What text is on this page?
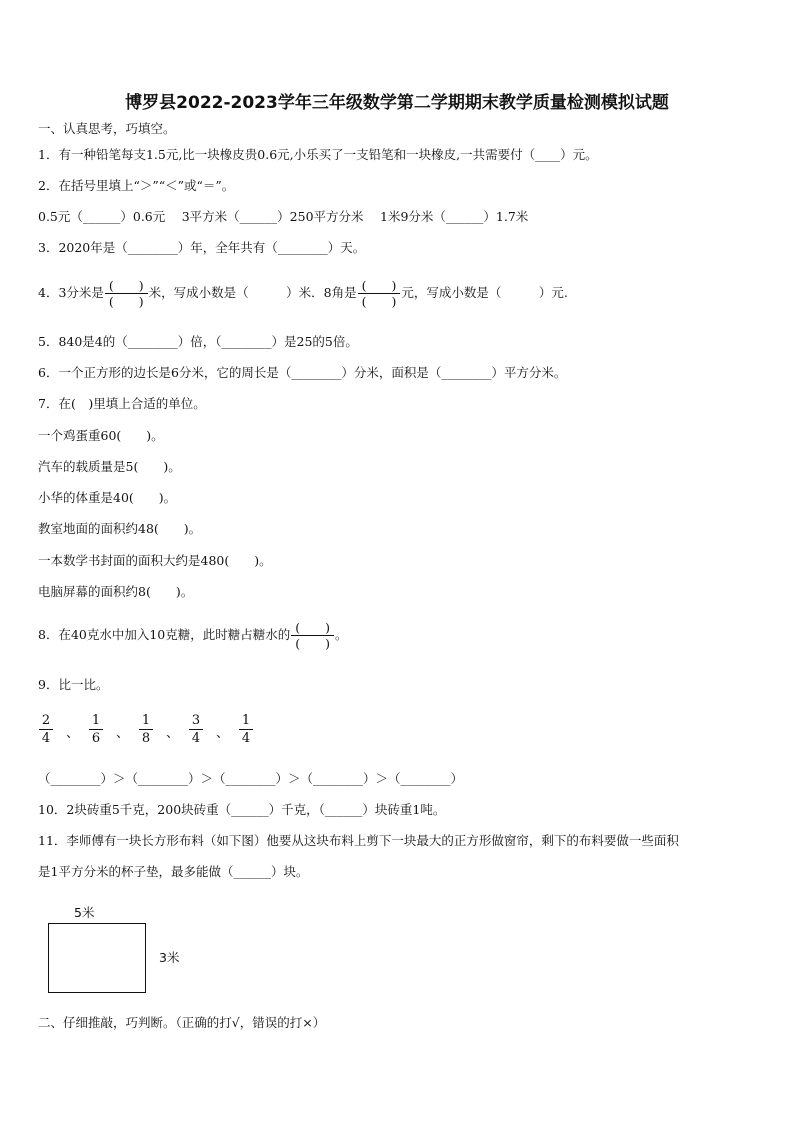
博罗县2022-2023学年三年级数学第二学期期末教学质量检测模拟试题
一、认真思考，巧填空。
1．有一种铅笔每支1.5元,比一块橡皮贵0.6元,小乐买了一支铅笔和一块橡皮,一共需要付（____）元。
2．在括号里填上“＞”“＜”或“＝”。
0.5元（______）0.6元　 3平方米（______）250平方分米　 1米9分米（______）1.7米
3．2020年是（________）年，全年共有（________）天。
4．3分米是 $\frac{( )}{( )}$ 米，写成小数是（　　　）米．8角是 $\frac{( )}{( )}$ 元，写成小数是（　　　）元.
5．840是4的（________）倍，（________）是25的5倍。
6．一个正方形的边长是6分米，它的周长是（________）分米，面积是（________）平方分米。
7．在(　)里填上合适的单位。
一个鸡蛋重60(　　)。
汽车的载质量是5(　　)。
小华的体重是40(　　)。
教室地面的面积约48(　　)。
一本数学书封面的面积大约是480(　　)。
电脑屏幕的面积约8(　　)。
8．在40克水中加入10克糖，此时糖占糖水的 $\frac{( )}{( )}$ 。
9．比一比。
$\frac{2}{4}$ 、 $\frac{1}{6}$ 、 $\frac{1}{8}$ 、 $\frac{3}{4}$ 、 $\frac{1}{4}$
（________）＞（________）＞（________）＞（________）＞（________）
10．2块砖重5千克，200块砖重（______）千克，（______）块砖重1吨。
11．李师傅有一块长方形布料（如下图）他要从这块布料上剪下一块最大的正方形做窗帘，剩下的布料要做一些面积
是1平方分米的杯子垫，最多能做（______）块。
5米
3米
二、仔细推敲，巧判断。（正确的打√，错误的打×）
